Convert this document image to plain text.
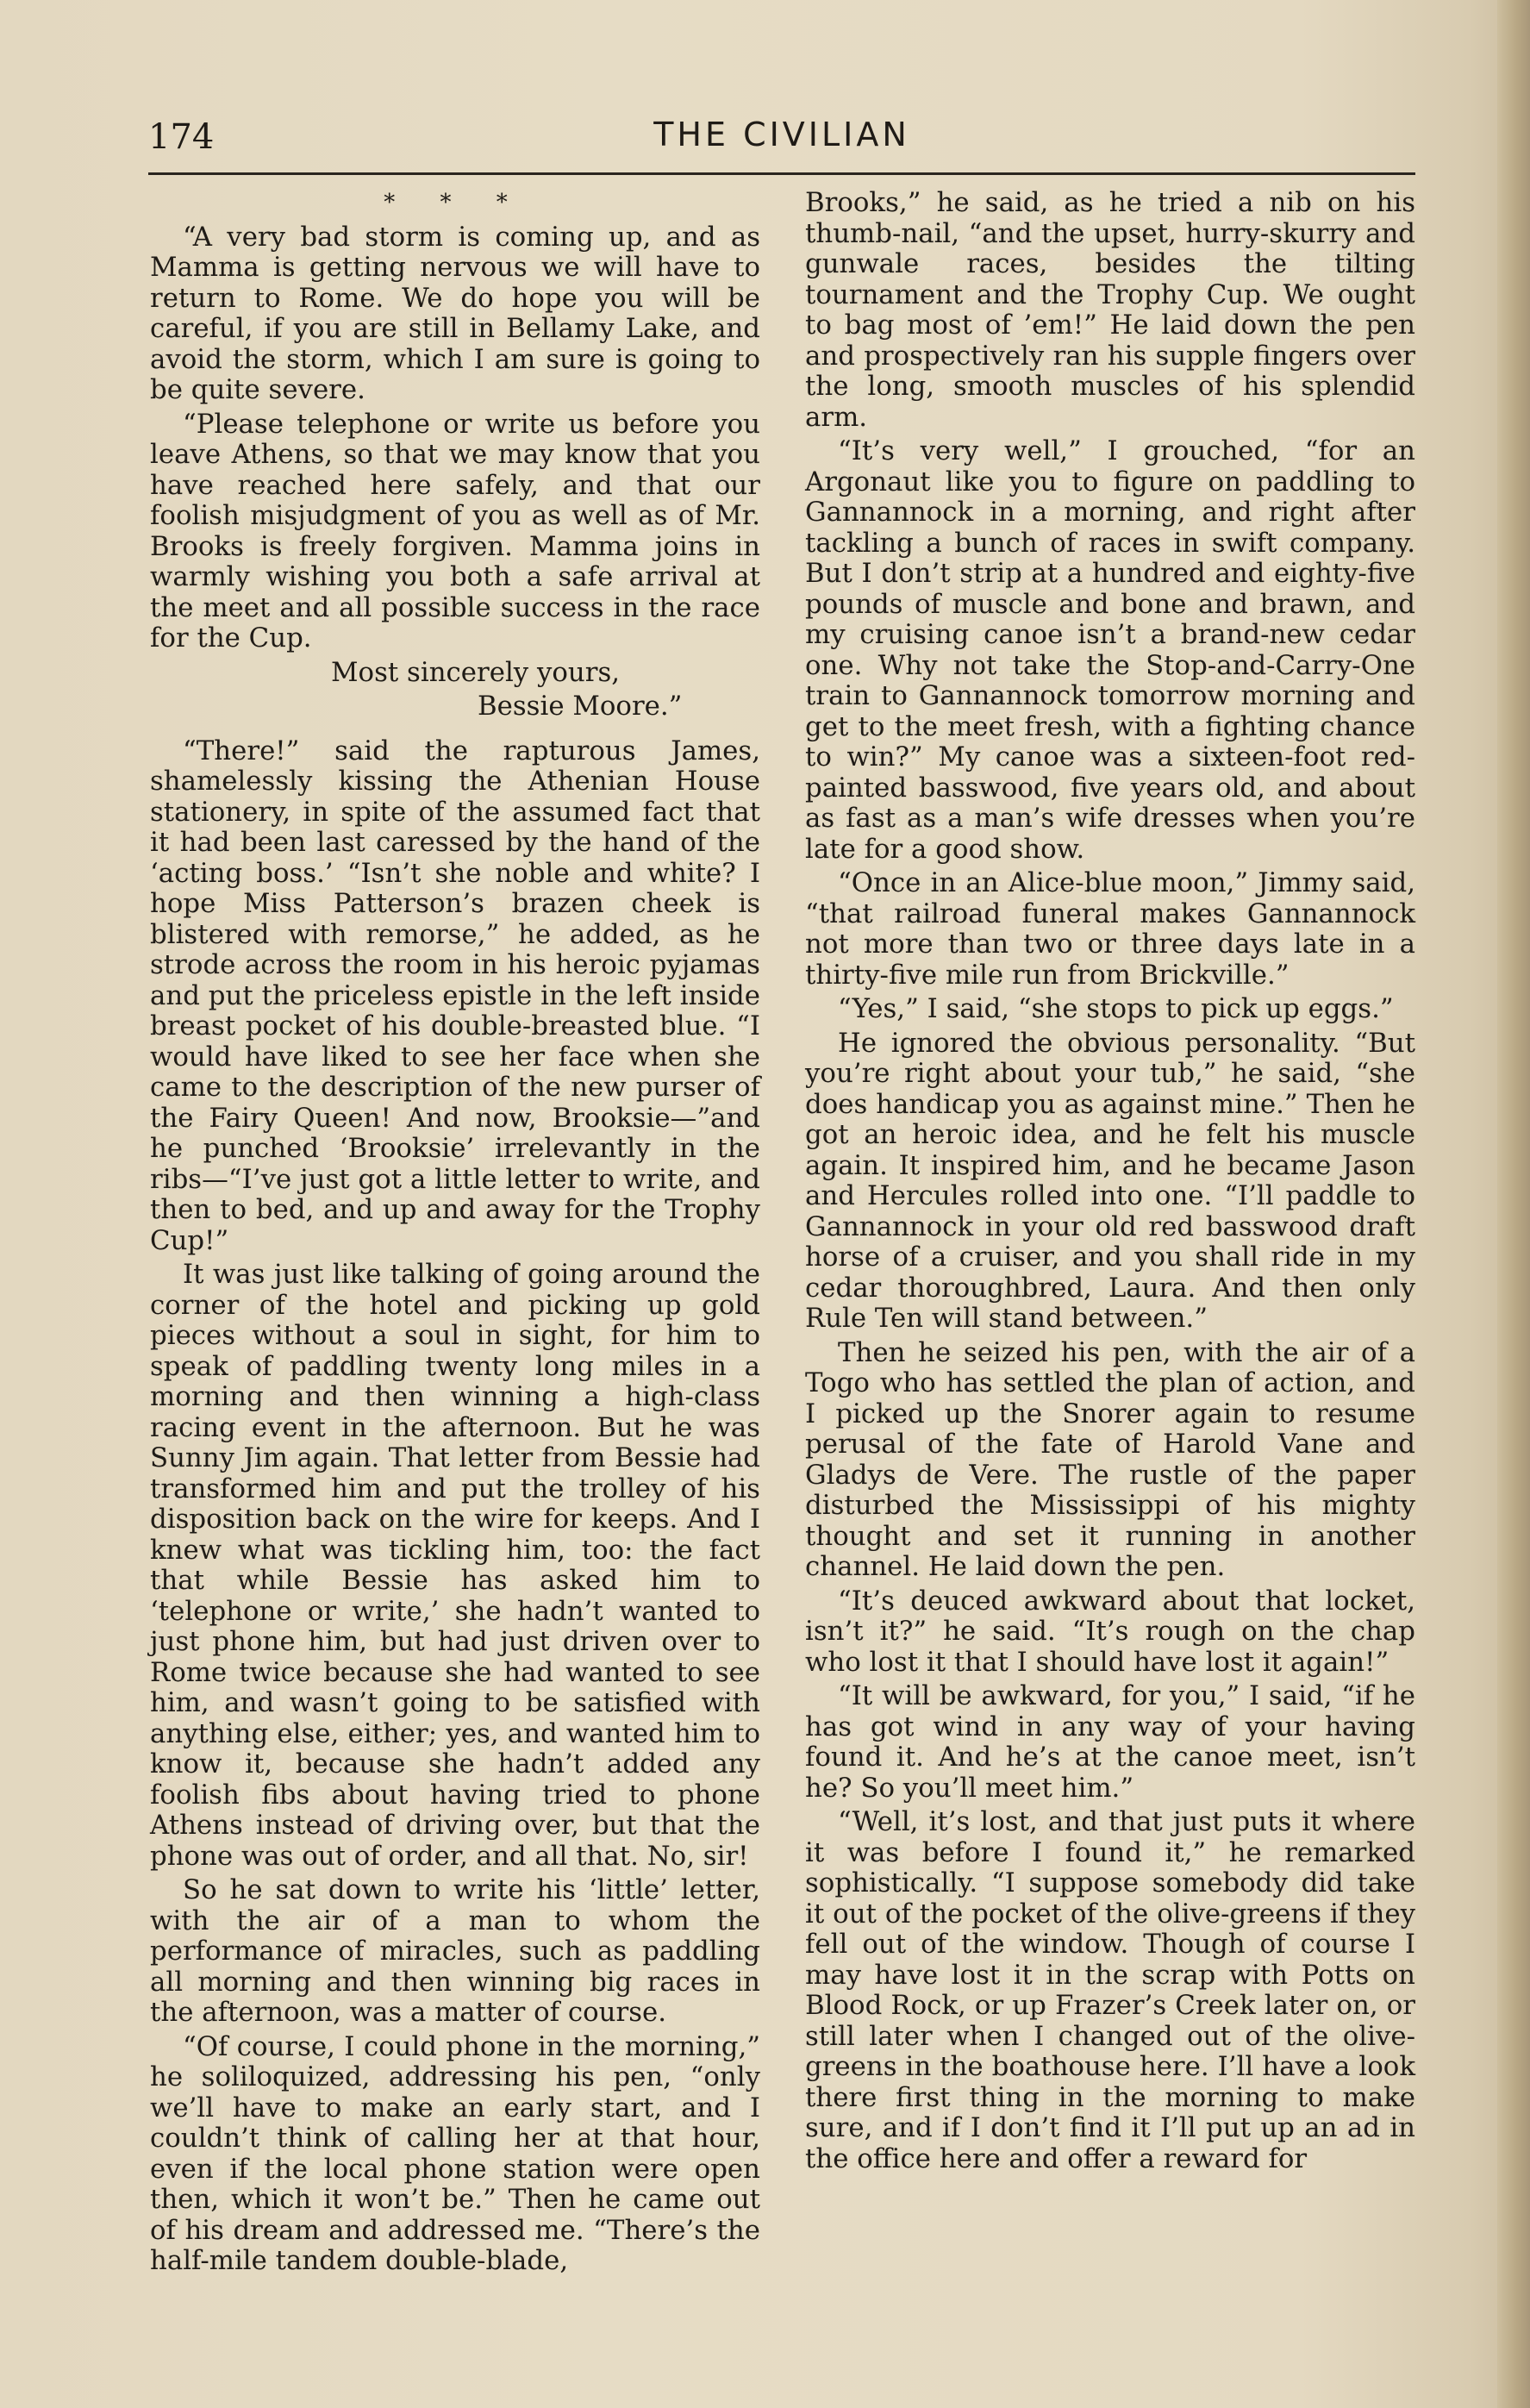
174	THE CIVILIAN

* * *

“A very bad storm is coming up, and as Mamma is getting nervous we will have to return to Rome. We do hope you will be careful, if you are still in Bellamy Lake, and avoid the storm, which I am sure is going to be quite severe.

“Please telephone or write us before you leave Athens, so that we may know that you have reached here safely, and that our foolish misjudgment of you as well as of Mr. Brooks is freely forgiven. Mamma joins in warmly wishing you both a safe arrival at the meet and all possible success in the race for the Cup.

Most sincerely yours,

Bessie Moore.”

“There!” said the rapturous James, shamelessly kissing the Athenian House stationery, in spite of the assumed fact that it had been last caressed by the hand of the ‘acting boss.’ “Isn’t she noble and white? I hope Miss Patterson’s brazen cheek is blistered with remorse,” he added, as he strode across the room in his heroic pyjamas and put the priceless epistle in the left inside breast pocket of his double-breasted blue. “I would have liked to see her face when she came to the description of the new purser of the Fairy Queen! And now, Brooksie—”and he punched ‘Brooksie’ irrelevantly in the ribs—“I’ve just got a little letter to write, and then to bed, and up and away for the Trophy Cup!”

It was just like talking of going around the corner of the hotel and picking up gold pieces without a soul in sight, for him to speak of paddling twenty long miles in a morning and then winning a high-class racing event in the afternoon. But he was Sunny Jim again. That letter from Bessie had transformed him and put the trolley of his disposition back on the wire for keeps. And I knew what was tickling him, too: the fact that while Bessie has asked him to ‘telephone or write,’ she hadn’t wanted to just phone him, but had just driven over to Rome twice because she had wanted to see him, and wasn’t going to be satisfied with anything else, either; yes, and wanted him to know it, because she hadn’t added any foolish fibs about having tried to phone Athens instead of driving over, but that the phone was out of order, and all that. No, sir!

So he sat down to write his ‘little’ letter, with the air of a man to whom the performance of miracles, such as paddling all morning and then winning big races in the afternoon, was a matter of course.

“Of course, I could phone in the morning,” he soliloquized, addressing his pen, “only we’ll have to make an early start, and I couldn’t think of calling her at that hour, even if the local phone station were open then, which it won’t be.” Then he came out of his dream and addressed me. “There’s the half-mile tandem double-blade,

Brooks,” he said, as he tried a nib on his thumb-nail, “and the upset, hurry-skurry and gunwale races, besides the tilting tournament and the Trophy Cup. We ought to bag most of ’em!” He laid down the pen and prospectively ran his supple fingers over the long, smooth muscles of his splendid arm.

“It’s very well,” I grouched, “for an Argonaut like you to figure on paddling to Gannannock in a morning, and right after tackling a bunch of races in swift company. But I don’t strip at a hundred and eighty-five pounds of muscle and bone and brawn, and my cruising canoe isn’t a brand-new cedar one. Why not take the Stop-and-Carry-One train to Gannannock tomorrow morning and get to the meet fresh, with a fighting chance to win?” My canoe was a sixteen-foot red-painted basswood, five years old, and about as fast as a man’s wife dresses when you’re late for a good show.

“Once in an Alice-blue moon,” Jimmy said, “that railroad funeral makes Gannannock not more than two or three days late in a thirty-five mile run from Brickville.”

“Yes,” I said, “she stops to pick up eggs.”

He ignored the obvious personality. “But you’re right about your tub,” he said, “she does handicap you as against mine.” Then he got an heroic idea, and he felt his muscle again. It inspired him, and he became Jason and Hercules rolled into one. “I’ll paddle to Gannannock in your old red basswood draft horse of a cruiser, and you shall ride in my cedar thoroughbred, Laura. And then only Rule Ten will stand between.”

Then he seized his pen, with the air of a Togo who has settled the plan of action, and I picked up the Snorer again to resume perusal of the fate of Harold Vane and Gladys de Vere. The rustle of the paper disturbed the Mississippi of his mighty thought and set it running in another channel. He laid down the pen.

“It’s deuced awkward about that locket, isn’t it?” he said. “It’s rough on the chap who lost it that I should have lost it again!”

“It will be awkward, for you,” I said, “if he has got wind in any way of your having found it. And he’s at the canoe meet, isn’t he? So you’ll meet him.”

“Well, it’s lost, and that just puts it where it was before I found it,” he remarked sophistically. “I suppose somebody did take it out of the pocket of the olive-greens if they fell out of the window. Though of course I may have lost it in the scrap with Potts on Blood Rock, or up Frazer’s Creek later on, or still later when I changed out of the olive-greens in the boathouse here. I’ll have a look there first thing in the morning to make sure, and if I don’t find it I’ll put up an ad in the office here and offer a reward for
